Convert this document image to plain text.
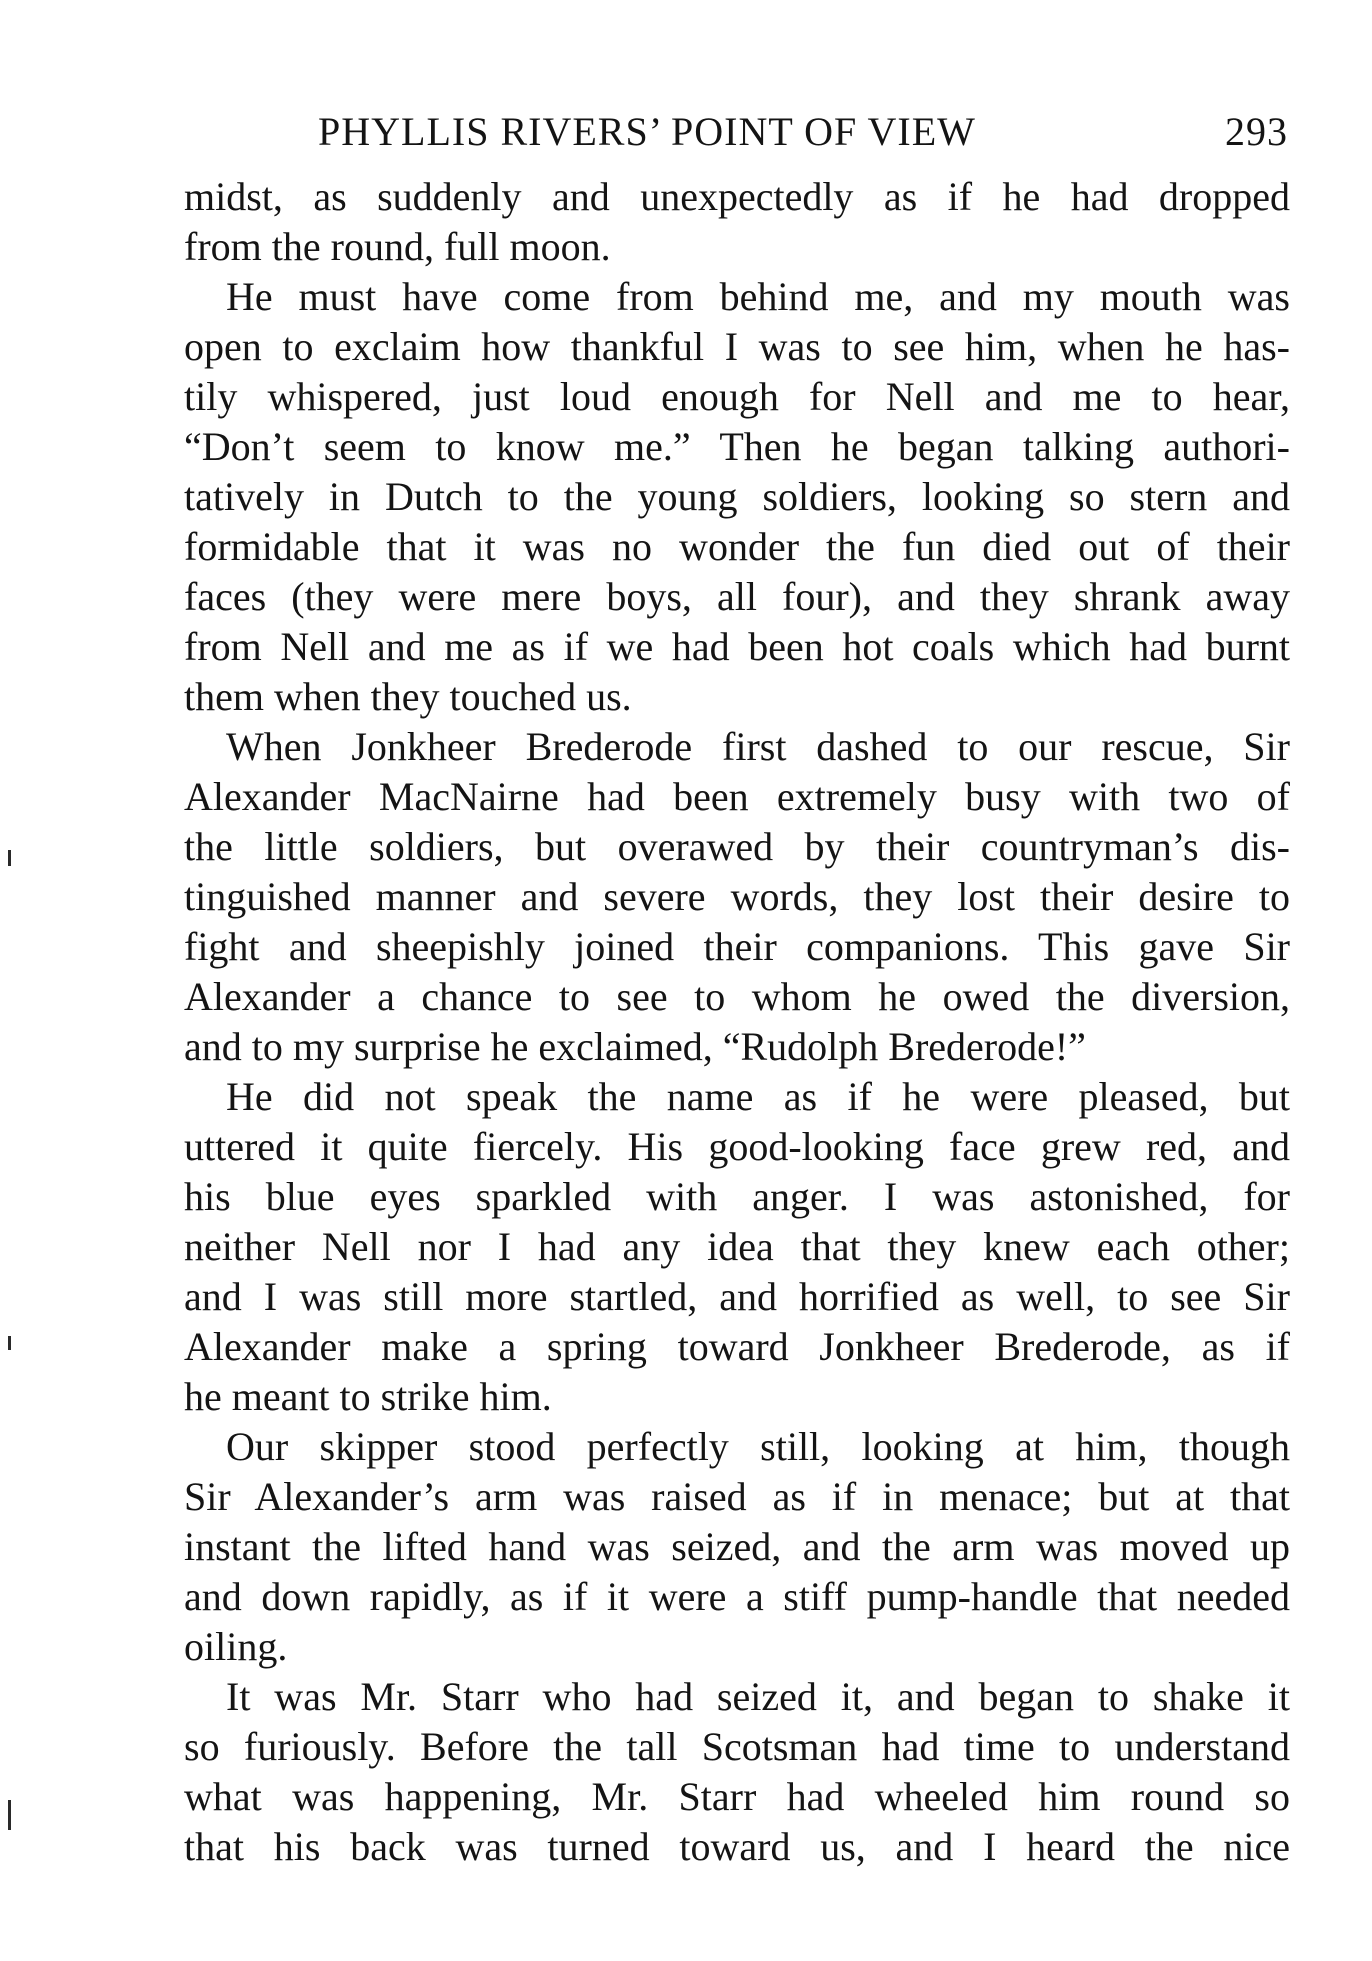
PHYLLIS RIVERS’ POINT OF VIEW	293
midst, as suddenly and unexpectedly as if he had dropped
from the round, full moon.
He must have come from behind me, and my mouth was
open to exclaim how thankful I was to see him, when he has-
tily whispered, just loud enough for Nell and me to hear,
“Don’t seem to know me.” Then he began talking authori-
tatively in Dutch to the young soldiers, looking so stern and
formidable that it was no wonder the fun died out of their
faces (they were mere boys, all four), and they shrank away
from Nell and me as if we had been hot coals which had burnt
them when they touched us.
When Jonkheer Brederode first dashed to our rescue, Sir
Alexander MacNairne had been extremely busy with two of
the little soldiers, but overawed by their countryman’s dis-
tinguished manner and severe words, they lost their desire to
fight and sheepishly joined their companions. This gave Sir
Alexander a chance to see to whom he owed the diversion,
and to my surprise he exclaimed, “Rudolph Brederode!”
He did not speak the name as if he were pleased, but
uttered it quite fiercely. His good-looking face grew red, and
his blue eyes sparkled with anger. I was astonished, for
neither Nell nor I had any idea that they knew each other;
and I was still more startled, and horrified as well, to see Sir
Alexander make a spring toward Jonkheer Brederode, as if
he meant to strike him.
Our skipper stood perfectly still, looking at him, though
Sir Alexander’s arm was raised as if in menace; but at that
instant the lifted hand was seized, and the arm was moved up
and down rapidly, as if it were a stiff pump-handle that needed
oiling.
It was Mr. Starr who had seized it, and began to shake it
so furiously. Before the tall Scotsman had time to understand
what was happening, Mr. Starr had wheeled him round so
that his back was turned toward us, and I heard the nice
